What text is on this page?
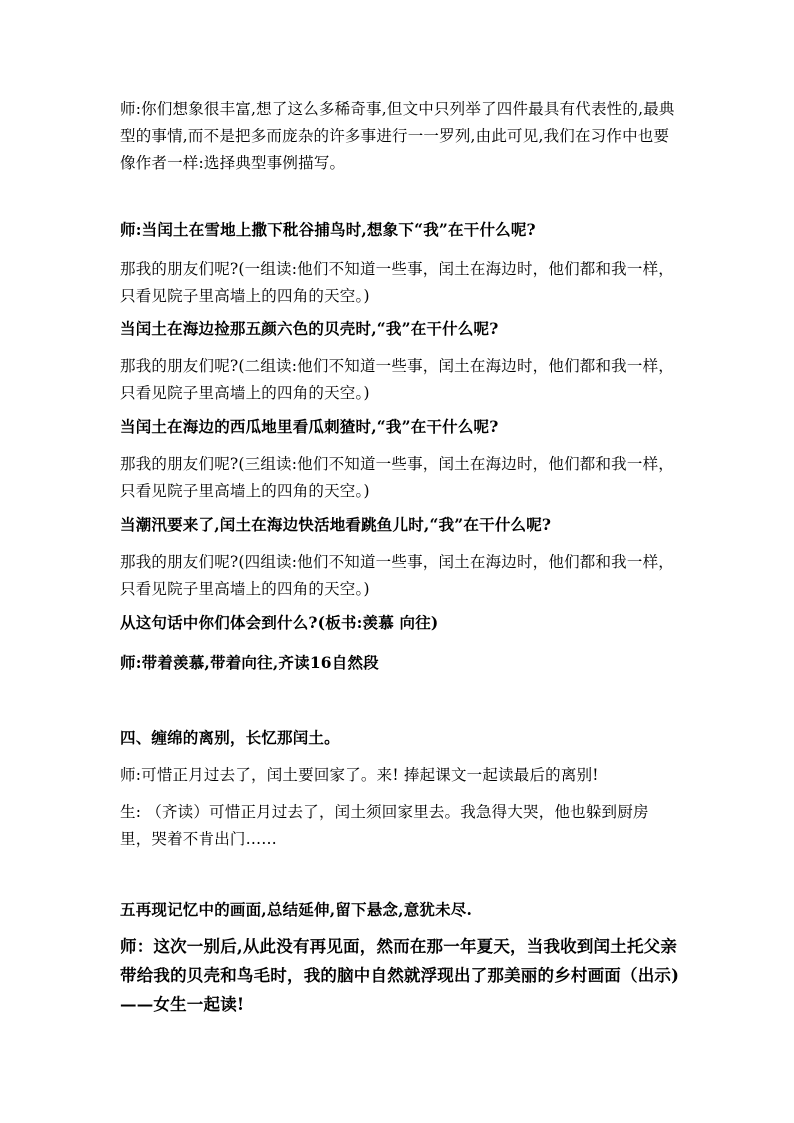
师:你们想象很丰富,想了这么多稀奇事,但文中只列举了四件最具有代表性的,最典型的事情,而不是把多而庞杂的许多事进行一一罗列,由此可见,我们在习作中也要像作者一样:选择典型事例描写。

师:当闰土在雪地上撒下秕谷捕鸟时,想象下“我”在干什么呢?

那我的朋友们呢?(一组读:他们不知道一些事，闰土在海边时，他们都和我一样，只看见院子里高墙上的四角的天空。)

当闰土在海边捡那五颜六色的贝壳时,“我”在干什么呢?

那我的朋友们呢?(二组读:他们不知道一些事，闰土在海边时，他们都和我一样，只看见院子里高墙上的四角的天空。)

当闰土在海边的西瓜地里看瓜刺猹时,“我”在干什么呢?

那我的朋友们呢?(三组读:他们不知道一些事，闰土在海边时，他们都和我一样，只看见院子里高墙上的四角的天空。)

当潮汛要来了,闰土在海边快活地看跳鱼儿时,“我”在干什么呢?

那我的朋友们呢?(四组读:他们不知道一些事，闰土在海边时，他们都和我一样，只看见院子里高墙上的四角的天空。)

从这句话中你们体会到什么?(板书:羡慕 向往)

师:带着羡慕,带着向往,齐读16自然段

四、缠绵的离别，长忆那闰土。

师:可惜正月过去了，闰土要回家了。来! 捧起课文一起读最后的离别!

生: （齐读）可惜正月过去了，闰土须回家里去。我急得大哭，他也躲到厨房里，哭着不肯出门……

五再现记忆中的画面,总结延伸,留下悬念,意犹未尽.

师：这次一别后,从此没有再见面，然而在那一年夏天，当我收到闰土托父亲带给我的贝壳和鸟毛时，我的脑中自然就浮现出了那美丽的乡村画面（出示)——女生一起读!
